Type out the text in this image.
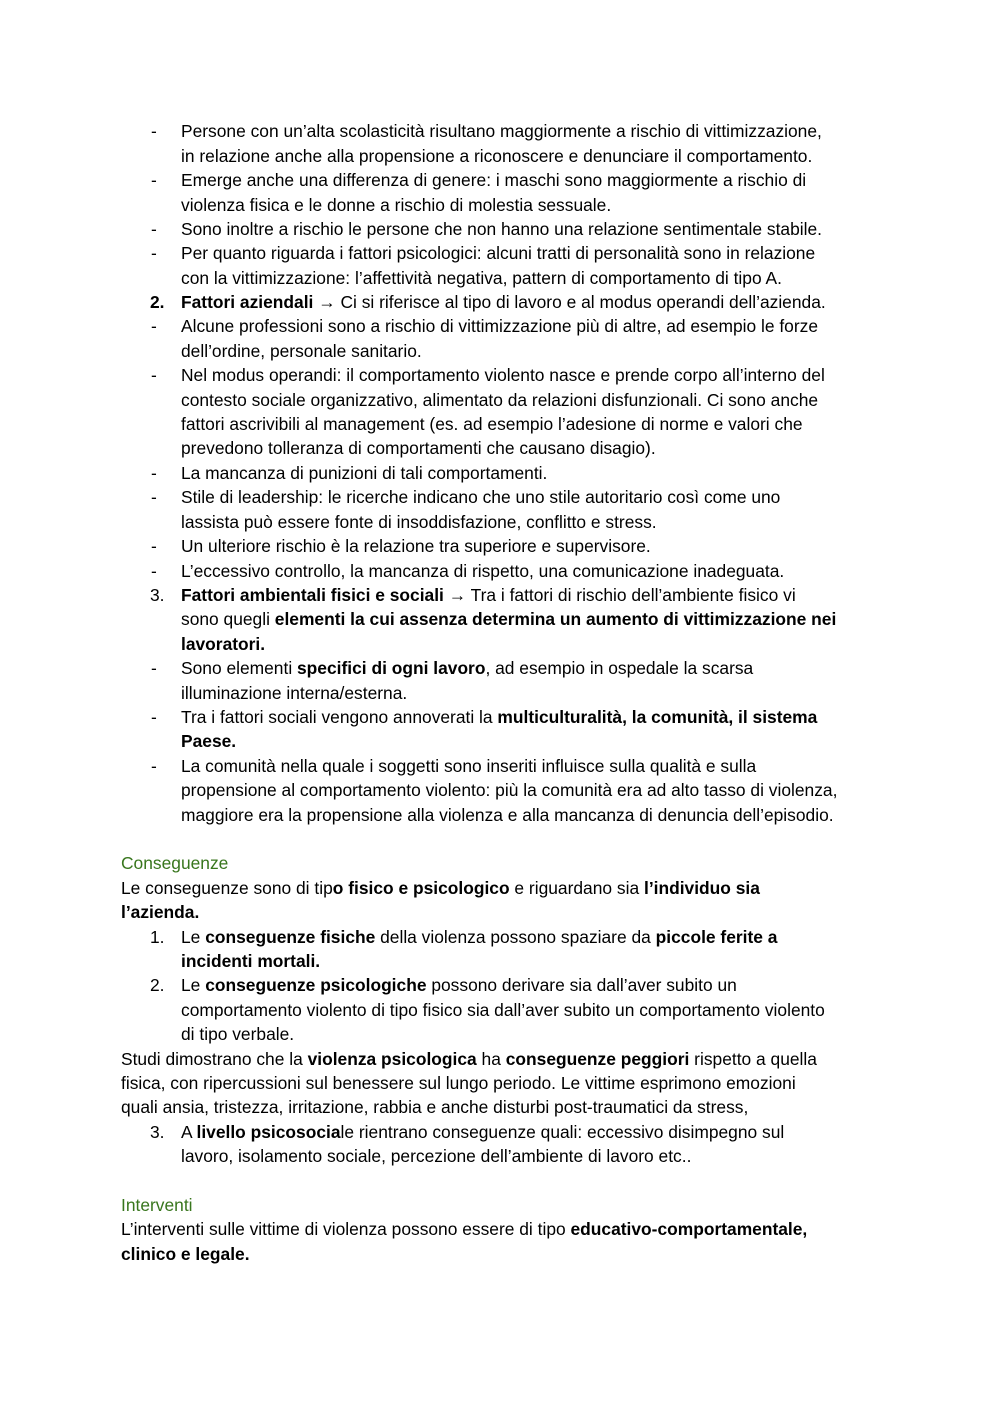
- Persone con un’alta scolasticità risultano maggiormente a rischio di vittimizzazione,
in relazione anche alla propensione a riconoscere e denunciare il comportamento.
- Emerge anche una differenza di genere: i maschi sono maggiormente a rischio di
violenza fisica e le donne a rischio di molestia sessuale.
- Sono inoltre a rischio le persone che non hanno una relazione sentimentale stabile.
- Per quanto riguarda i fattori psicologici: alcuni tratti di personalità sono in relazione
con la vittimizzazione: l’affettività negativa, pattern di comportamento di tipo A.
2. Fattori aziendali → Ci si riferisce al tipo di lavoro e al modus operandi dell’azienda.
- Alcune professioni sono a rischio di vittimizzazione più di altre, ad esempio le forze
dell’ordine, personale sanitario.
- Nel modus operandi: il comportamento violento nasce e prende corpo all’interno del
contesto sociale organizzativo, alimentato da relazioni disfunzionali. Ci sono anche
fattori ascrivibili al management (es. ad esempio l’adesione di norme e valori che
prevedono tolleranza di comportamenti che causano disagio).
- La mancanza di punizioni di tali comportamenti.
- Stile di leadership: le ricerche indicano che uno stile autoritario così come uno
lassista può essere fonte di insoddisfazione, conflitto e stress.
- Un ulteriore rischio è la relazione tra superiore e supervisore.
- L’eccessivo controllo, la mancanza di rispetto, una comunicazione inadeguata.
3. Fattori ambientali fisici e sociali → Tra i fattori di rischio dell’ambiente fisico vi
sono quegli elementi la cui assenza determina un aumento di vittimizzazione nei
lavoratori.
- Sono elementi specifici di ogni lavoro, ad esempio in ospedale la scarsa
illuminazione interna/esterna.
- Tra i fattori sociali vengono annoverati la multiculturalità, la comunità, il sistema
Paese.
- La comunità nella quale i soggetti sono inseriti influisce sulla qualità e sulla
propensione al comportamento violento: più la comunità era ad alto tasso di violenza,
maggiore era la propensione alla violenza e alla mancanza di denuncia dell’episodio.
Conseguenze
Le conseguenze sono di tipo fisico e psicologico e riguardano sia l’individuo sia
l’azienda.
1. Le conseguenze fisiche della violenza possono spaziare da piccole ferite a
incidenti mortali.
2. Le conseguenze psicologiche possono derivare sia dall’aver subito un
comportamento violento di tipo fisico sia dall’aver subito un comportamento violento
di tipo verbale.
Studi dimostrano che la violenza psicologica ha conseguenze peggiori rispetto a quella
fisica, con ripercussioni sul benessere sul lungo periodo. Le vittime esprimono emozioni
quali ansia, tristezza, irritazione, rabbia e anche disturbi post-traumatici da stress,
3. A livello psicosociale rientrano conseguenze quali: eccessivo disimpegno sul
lavoro, isolamento sociale, percezione dell’ambiente di lavoro etc..
Interventi
L’interventi sulle vittime di violenza possono essere di tipo educativo-comportamentale,
clinico e legale.
